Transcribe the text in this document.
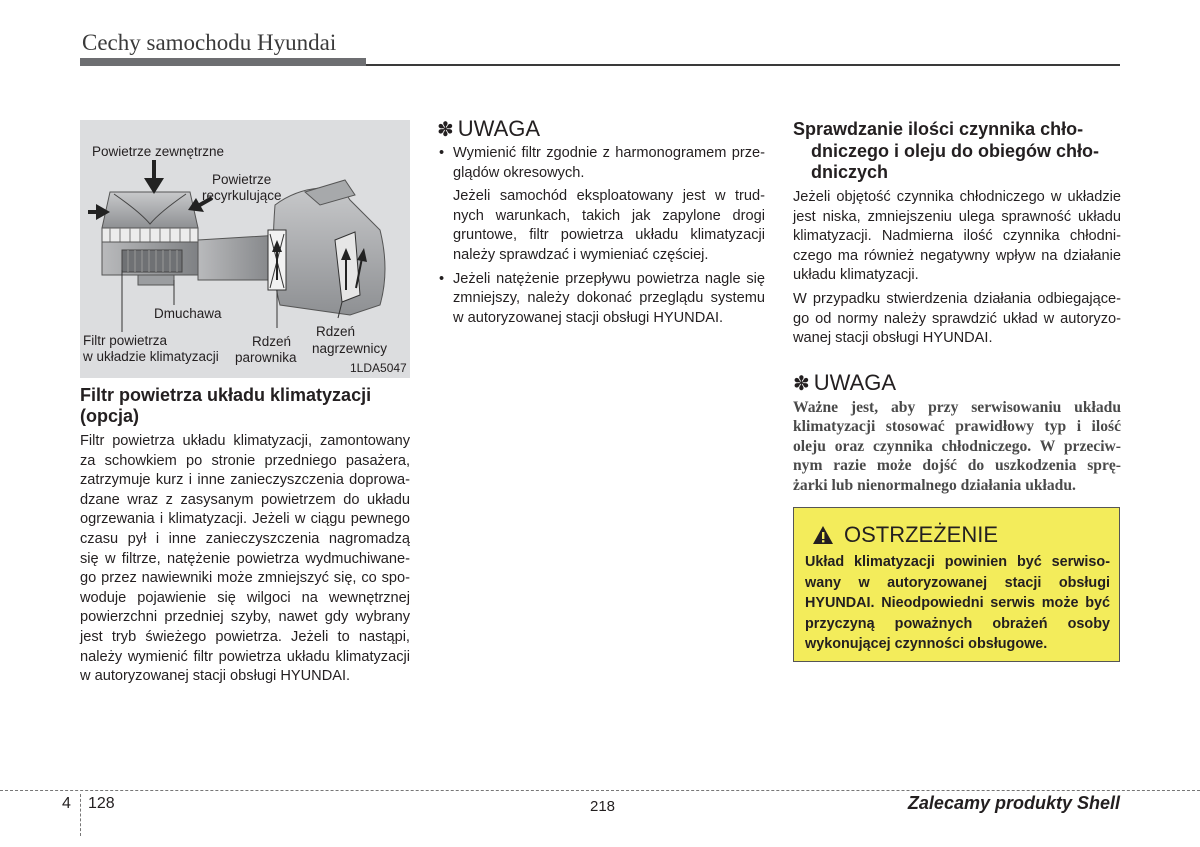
Cechy samochodu Hyundai
Powietrze zewnętrzne
Powietrze
recyrkulujące
Dmuchawa
Filtr powietrza
w układzie klimatyzacji
Rdzeń
parownika
Rdzeń
nagrzewnicy
1LDA5047
Filtr powietrza układu klimatyzacji
(opcja)

Filtr powietrza układu klimatyzacji, zamontowany

za schowkiem po stronie przedniego pasażera,

zatrzymuje kurz i inne zanieczyszczenia doprowa-

dzane wraz z zasysanym powietrzem do układu

ogrzewania i klimatyzacji. Jeżeli w ciągu pewnego

czasu pył i inne zanieczyszczenia nagromadzą

się w filtrze, natężenie powietrza wydmuchiwane-

go przez nawiewniki może zmniejszyć się, co spo-

woduje pojawienie się wilgoci na wewnętrznej

powierzchni przedniej szyby, nawet gdy wybrany

jest tryb świeżego powietrza. Jeżeli to nastąpi,

należy wymienić filtr powietrza układu klimatyzacji

w autoryzowanej stacji obsługi HYUNDAI.

✽ UWAGA

• Wymienić filtr zgodnie z harmonogramem prze-

glądów okresowych.

Jeżeli samochód eksploatowany jest w trud-

nych warunkach, takich jak zapylone drogi

gruntowe, filtr powietrza układu klimatyzacji

należy sprawdzać i wymieniać częściej.

• Jeżeli natężenie przepływu powietrza nagle się

zmniejszy, należy dokonać przeglądu systemu

w autoryzowanej stacji obsługi HYUNDAI.

Sprawdzanie ilości czynnika chło-
dniczego i oleju do obiegów chło-
dniczych

Jeżeli objętość czynnika chłodniczego w układzie

jest niska, zmniejszeniu ulega sprawność układu

klimatyzacji. Nadmierna ilość czynnika chłodni-

czego ma również negatywny wpływ na działanie

układu klimatyzacji.

W przypadku stwierdzenia działania odbiegające-

go od normy należy sprawdzić układ w autoryzo-

wanej stacji obsługi HYUNDAI.

✽ UWAGA

Ważne jest, aby przy serwisowaniu układu

klimatyzacji stosować prawidłowy typ i ilość

oleju oraz czynnika chłodniczego. W przeciw-

nym razie może dojść do uszkodzenia sprę-

żarki lub nienormalnego działania układu.

OSTRZEŻENIE

Układ klimatyzacji powinien być serwiso-

wany w autoryzowanej stacji obsługi

HYUNDAI. Nieodpowiedni serwis może być

przyczyną poważnych obrażeń osoby

wykonującej czynności obsługowe.

4 128	218	Zalecamy produkty Shell
